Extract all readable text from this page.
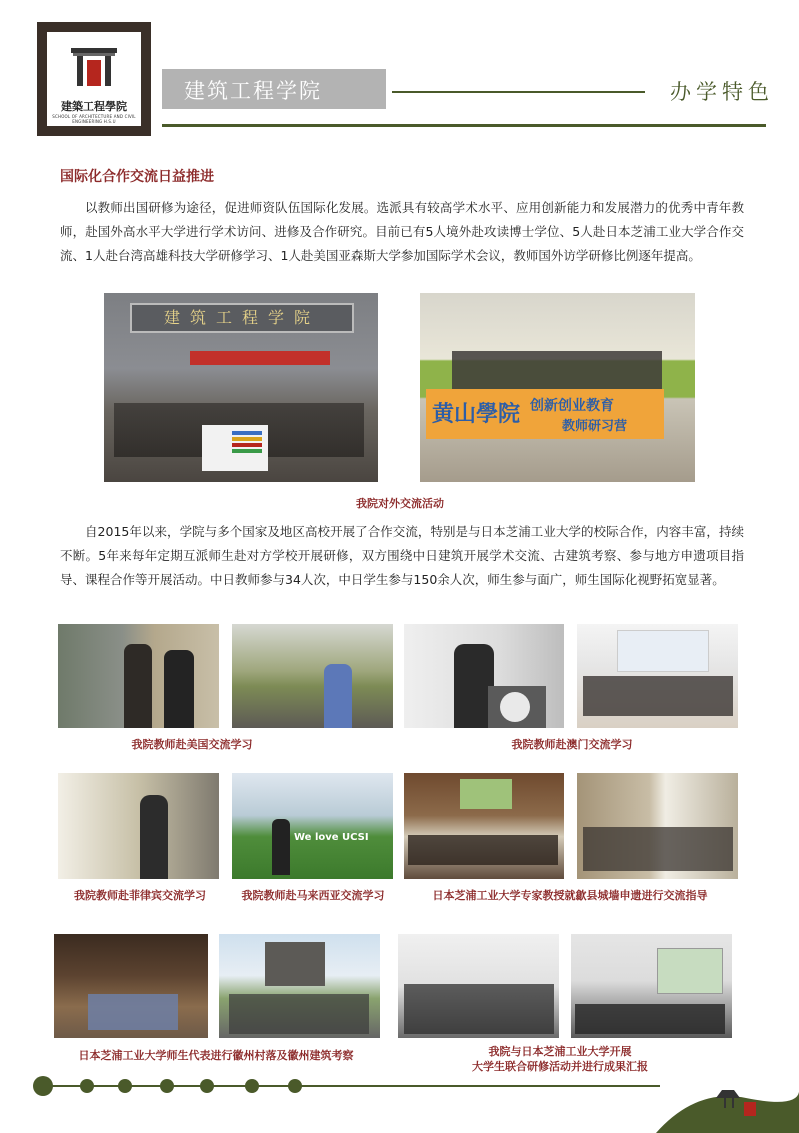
建築工程學院
SCHOOL OF ARCHITECTURE AND CIVIL ENGINEERING H.S.U
建筑工程学院	办学特色
国际化合作交流日益推进
以教师出国研修为途径，促进师资队伍国际化发展。选派具有较高学术水平、应用创新能力和发展潜力的优秀中青年教师，赴国外高水平大学进行学术访问、进修及合作研究。目前已有5人境外赴攻读博士学位、5人赴日本芝浦工业大学合作交流、1人赴台湾高雄科技大学研修学习、1人赴美国亚森斯大学参加国际学术会议，教师国外访学研修比例逐年提高。
建筑工程学院
黄山學院 创新创业教育
教师研习营
我院对外交流活动
自2015年以来，学院与多个国家及地区高校开展了合作交流，特别是与日本芝浦工业大学的校际合作，内容丰富，持续不断。5年来每年定期互派师生赴对方学校开展研修，双方围绕中日建筑开展学术交流、古建筑考察、参与地方申遗项目指导、课程合作等开展活动。中日教师参与34人次，中日学生参与150余人次，师生参与面广，师生国际化视野拓宽显著。
我院教师赴美国交流学习	我院教师赴澳门交流学习
We love UCSI
我院教师赴菲律宾交流学习	我院教师赴马来西亚交流学习	日本芝浦工业大学专家教授就歙县城墙申遗进行交流指导
日本芝浦工业大学师生代表进行徽州村落及徽州建筑考察	我院与日本芝浦工业大学开展
大学生联合研修活动并进行成果汇报
